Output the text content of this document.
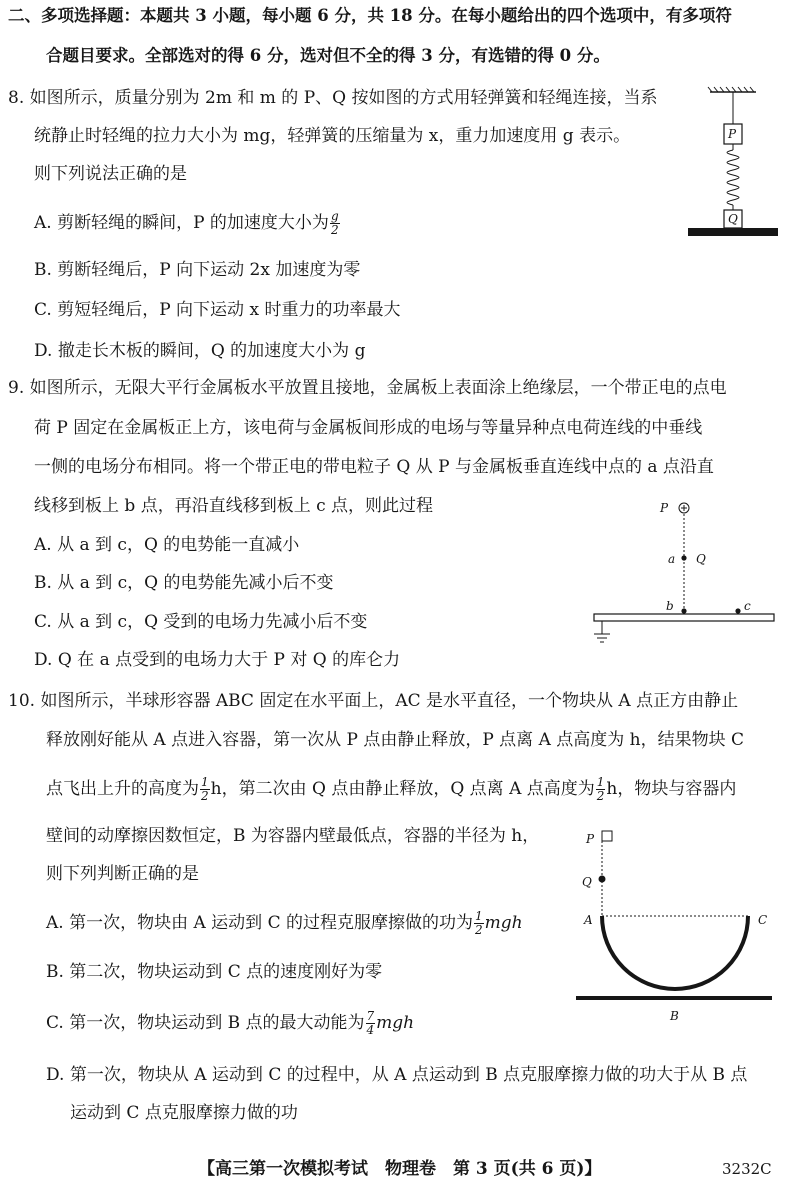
二、多项选择题：本题共 3 小题，每小题 6 分，共 18 分。在每小题给出的四个选项中，有多项符
合题目要求。全部选对的得 6 分，选对但不全的得 3 分，有选错的得 0 分。
8. 如图所示，质量分别为 2m 和 m 的 P、Q 按如图的方式用轻弹簧和轻绳连接，当系
统静止时轻绳的拉力大小为 mg，轻弹簧的压缩量为 x，重力加速度用 g 表示。
则下列说法正确的是
A. 剪断轻绳的瞬间，P 的加速度大小为 $\frac{g}{2}$
B. 剪断轻绳后，P 向下运动 2x 加速度为零
C. 剪短轻绳后，P 向下运动 x 时重力的功率最大
D. 撤走长木板的瞬间，Q 的加速度大小为 g
P
Q
9. 如图所示，无限大平行金属板水平放置且接地，金属板上表面涂上绝缘层，一个带正电的点电
荷 P 固定在金属板正上方，该电荷与金属板间形成的电场与等量异种点电荷连线的中垂线
一侧的电场分布相同。将一个带正电的带电粒子 Q 从 P 与金属板垂直连线中点的 a 点沿直
线移到板上 b 点，再沿直线移到板上 c 点，则此过程
A. 从 a 到 c，Q 的电势能一直减小
B. 从 a 到 c，Q 的电势能先减小后不变
C. 从 a 到 c，Q 受到的电场力先减小后不变
D. Q 在 a 点受到的电场力大于 P 对 Q 的库仑力
P
a Q
b	c
10. 如图所示，半球形容器 ABC 固定在水平面上，AC 是水平直径，一个物块从 A 点正方由静止
释放刚好能从 A 点进入容器，第一次从 P 点由静止释放，P 点离 A 点高度为 h，结果物块 C
点飞出上升的高度为 $\frac{1}{2}$ h，第二次由 Q 点由静止释放，Q 点离 A 点高度为 $\frac{1}{2}$ h，物块与容器内
壁间的动摩擦因数恒定，B 为容器内壁最低点，容器的半径为 h，
则下列判断正确的是
A. 第一次，物块由 A 运动到 C 的过程克服摩擦做的功为 $\frac{1}{2}$ mgh
B. 第二次，物块运动到 C 点的速度刚好为零
C. 第一次，物块运动到 B 点的最大动能为 $\frac{7}{4}$ mgh
D. 第一次，物块从 A 运动到 C 的过程中，从 A 点运动到 B 点克服摩擦力做的功大于从 B 点
运动到 C 点克服摩擦力做的功
P
Q
A	C
B
【高三第一次模拟考试　物理卷　第 3 页(共 6 页)】	3232C
